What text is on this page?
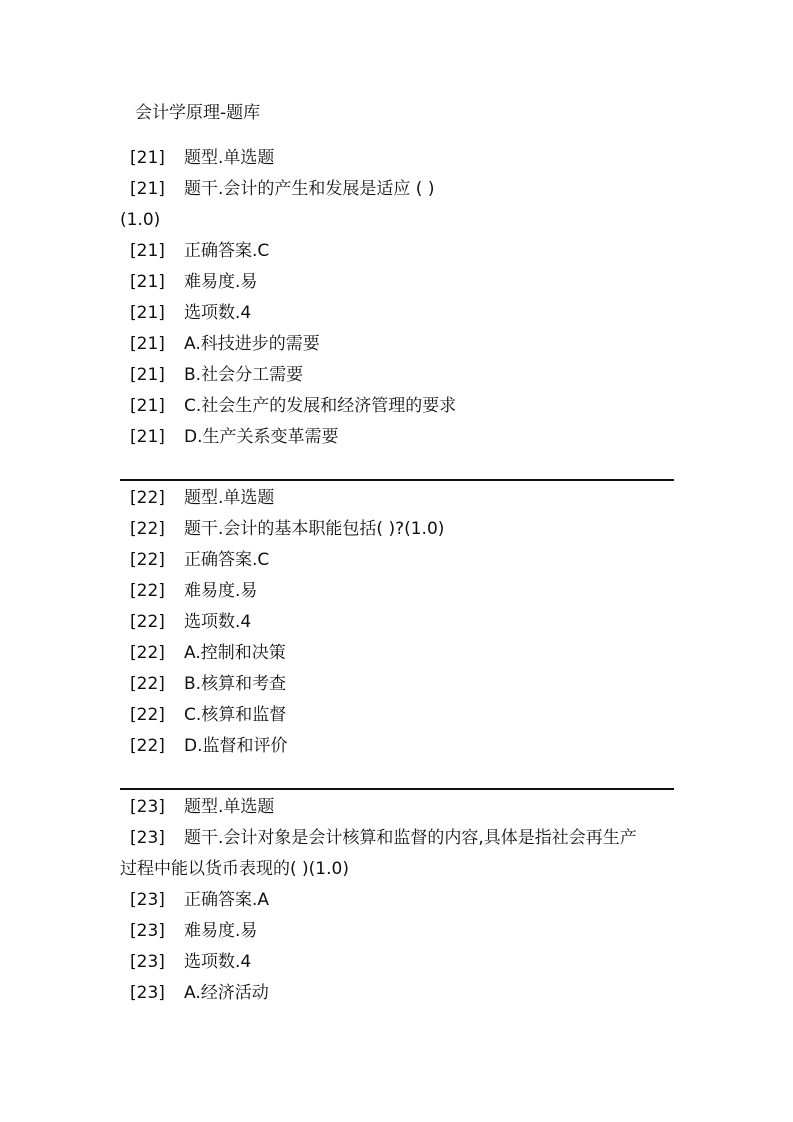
会计学原理-题库
[21]	题型.单选题
[21]	题干.会计的产生和发展是适应 ( )
(1.0)
[21]	正确答案.C
[21]	难易度.易
[21]	选项数.4
[21]	A.科技进步的需要
[21]	B.社会分工需要
[21]	C.社会生产的发展和经济管理的要求
[21]	D.生产关系变革需要
[22]	题型.单选题
[22]	题干.会计的基本职能包括( )?(1.0)
[22]	正确答案.C
[22]	难易度.易
[22]	选项数.4
[22]	A.控制和决策
[22]	B.核算和考查
[22]	C.核算和监督
[22]	D.监督和评价
[23]	题型.单选题
[23]	题干.会计对象是会计核算和监督的内容,具体是指社会再生产
过程中能以货币表现的( )(1.0)
[23]	正确答案.A
[23]	难易度.易
[23]	选项数.4
[23]	A.经济活动
